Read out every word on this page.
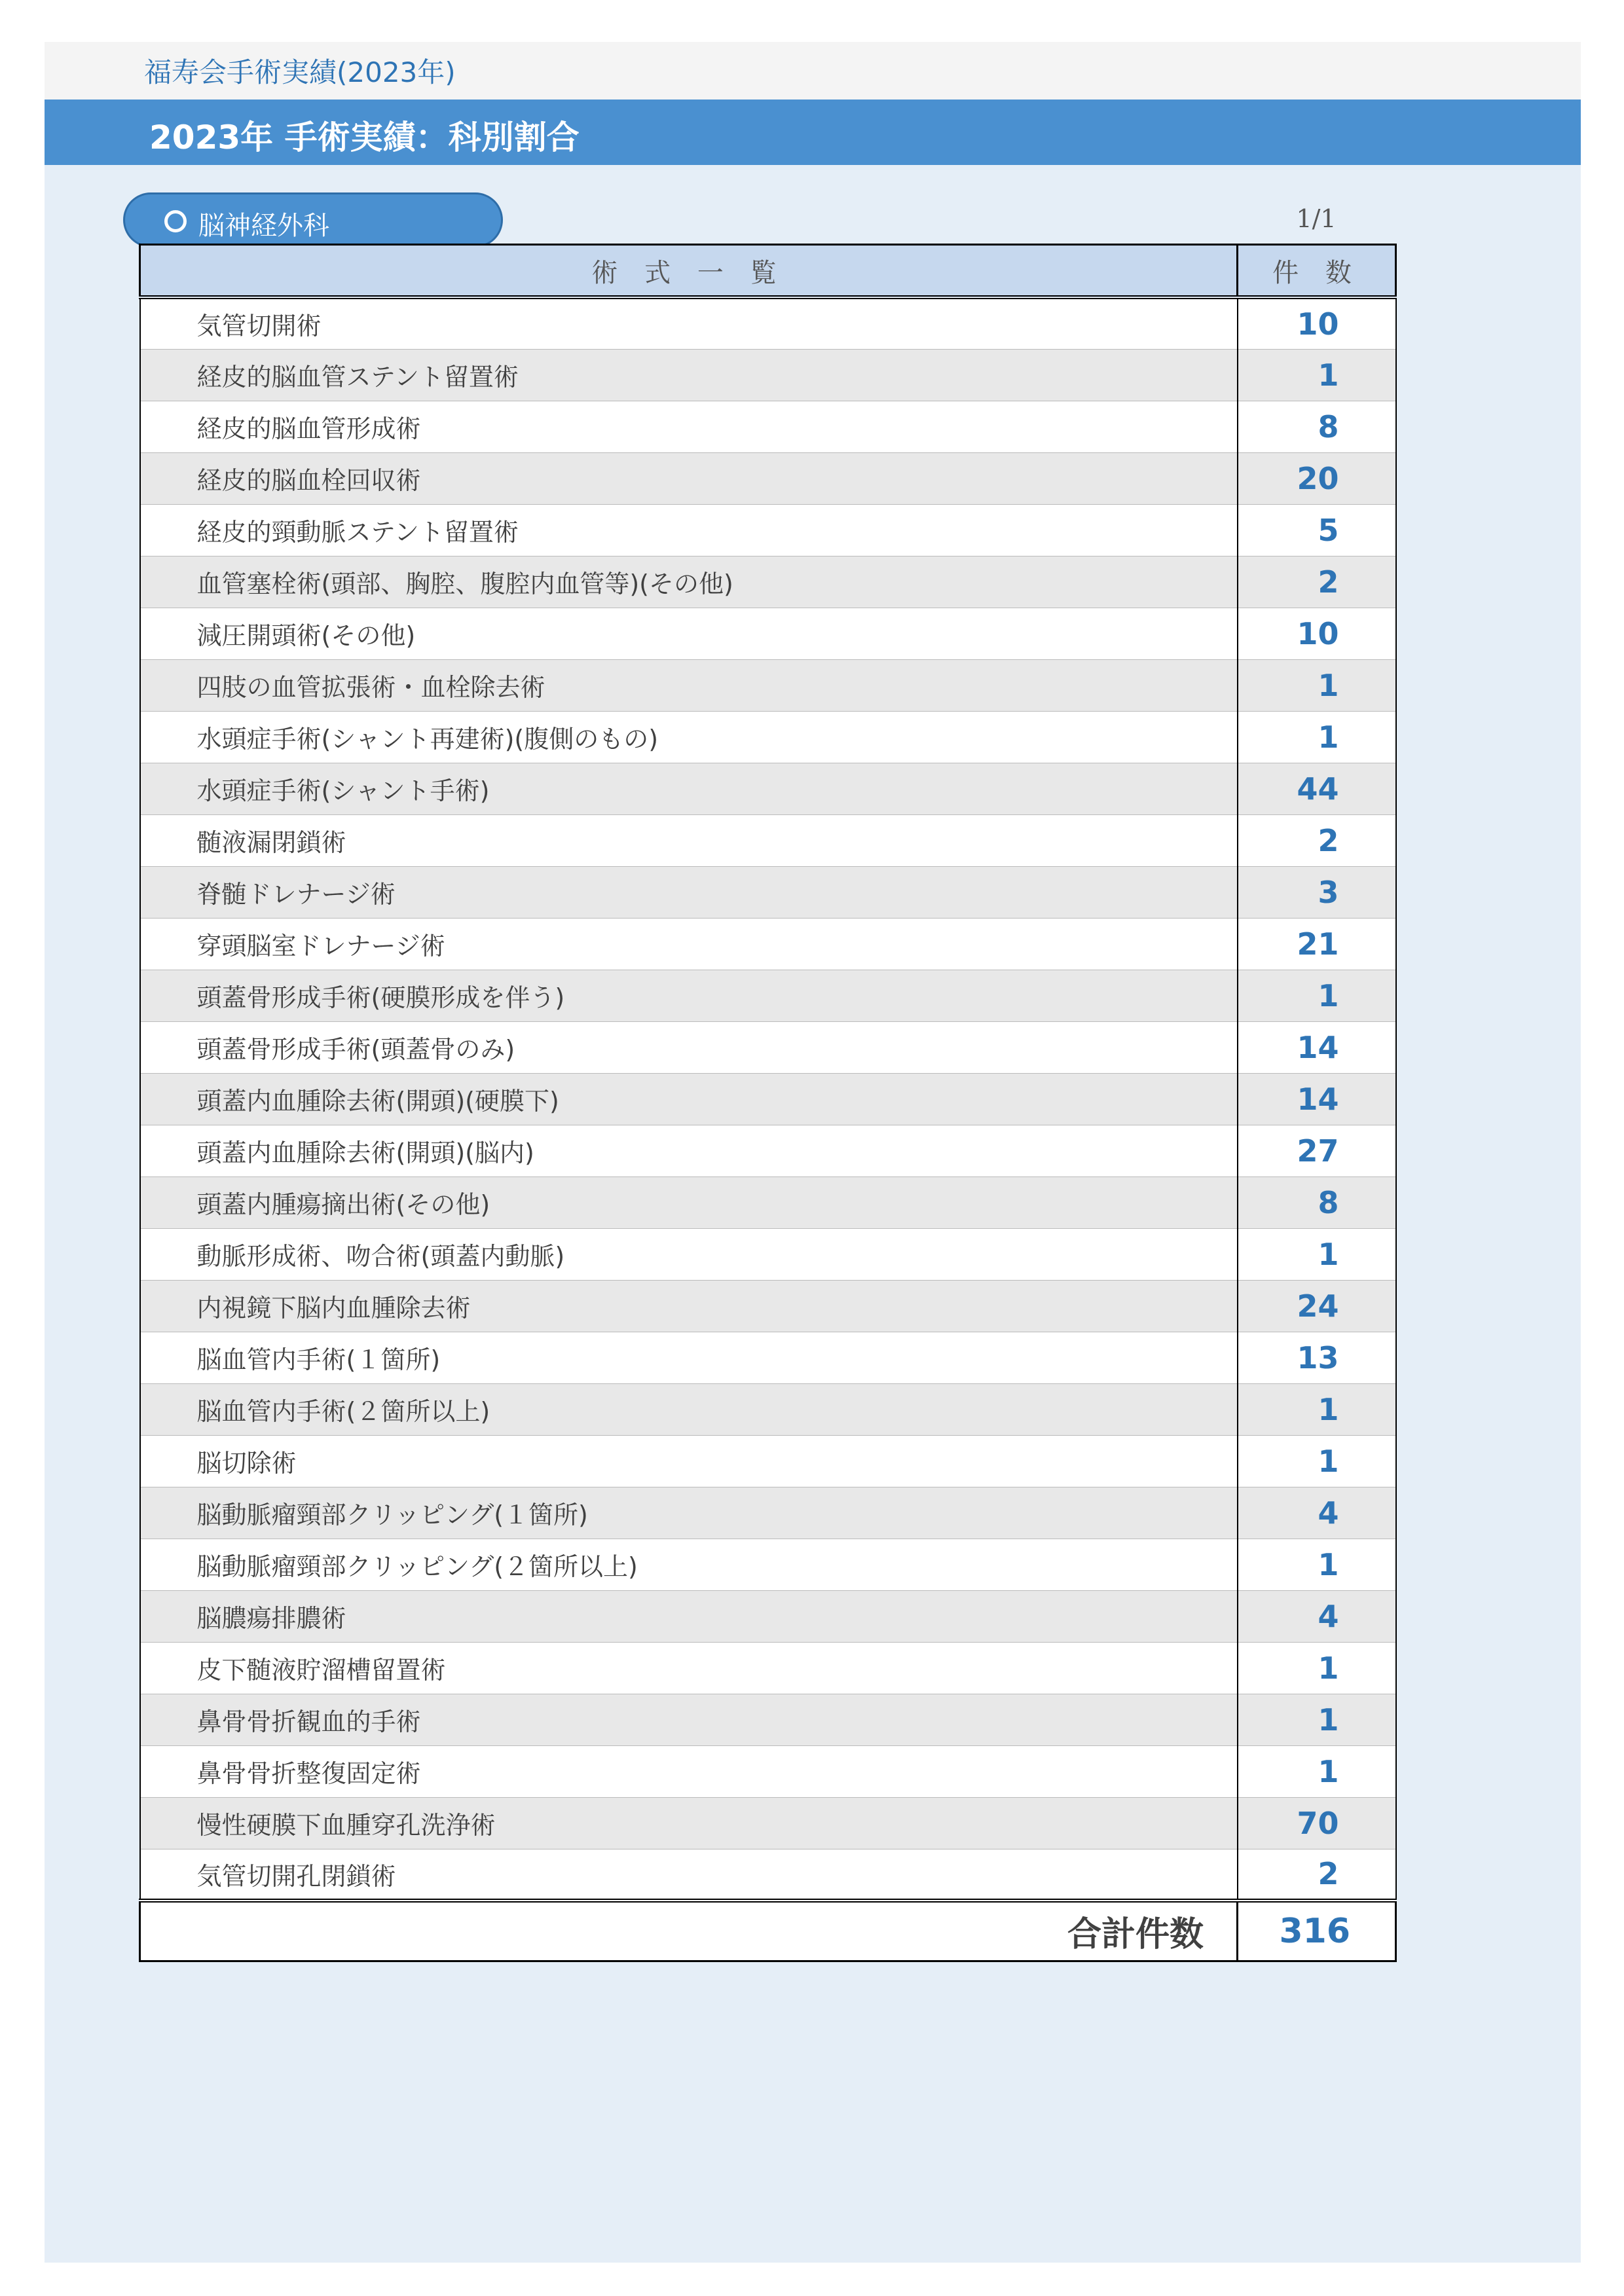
福寿会手術実績(2023年)
2023年 手術実績：科別割合
脳神経外科	1/1
術 式 一 覧	件 数
気管切開術	10
経皮的脳血管ステント留置術	1
経皮的脳血管形成術	8
経皮的脳血栓回収術	20
経皮的頸動脈ステント留置術	5
血管塞栓術(頭部、胸腔、腹腔内血管等)(その他)	2
減圧開頭術(その他)	10
四肢の血管拡張術・血栓除去術	1
水頭症手術(シャント再建術)(腹側のもの)	1
水頭症手術(シャント手術)	44
髄液漏閉鎖術	2
脊髄ドレナージ術	3
穿頭脳室ドレナージ術	21
頭蓋骨形成手術(硬膜形成を伴う)	1
頭蓋骨形成手術(頭蓋骨のみ)	14
頭蓋内血腫除去術(開頭)(硬膜下)	14
頭蓋内血腫除去術(開頭)(脳内)	27
頭蓋内腫瘍摘出術(その他)	8
動脈形成術、吻合術(頭蓋内動脈)	1
内視鏡下脳内血腫除去術	24
脳血管内手術(１箇所)	13
脳血管内手術(２箇所以上)	1
脳切除術	1
脳動脈瘤頸部クリッピング(１箇所)	4
脳動脈瘤頸部クリッピング(２箇所以上)	1
脳膿瘍排膿術	4
皮下髄液貯溜槽留置術	1
鼻骨骨折観血的手術	1
鼻骨骨折整復固定術	1
慢性硬膜下血腫穿孔洗浄術	70
気管切開孔閉鎖術	2
合計件数	316
